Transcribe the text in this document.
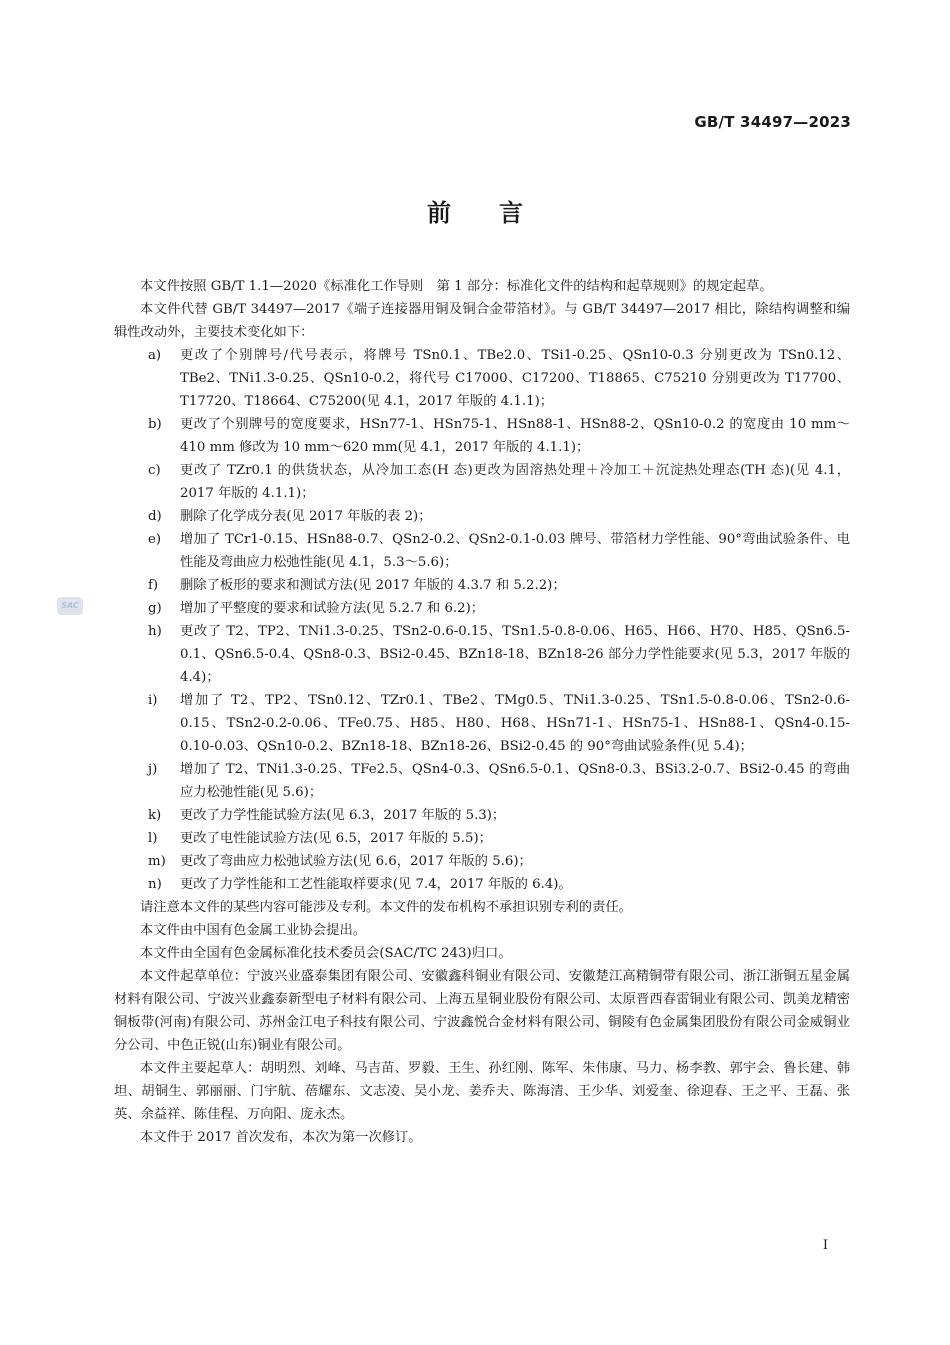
GB/T 34497—2023
前 言
SAC

本文件按照 GB/T 1.1—2020《标准化工作导则　第 1 部分：标准化文件的结构和起草规则》的规定起草。

本文件代替 GB/T 34497—2017《端子连接器用铜及铜合金带箔材》。与 GB/T 34497—2017 相比，除结构调整和编辑性改动外，主要技术变化如下：

a)	更改了个别牌号/代号表示，将牌号 TSn0.1、TBe2.0、TSi1-0.25、QSn10-0.3 分别更改为 TSn0.12、TBe2、TNi1.3-0.25、QSn10-0.2，将代号 C17000、C17200、T18865、C75210 分别更改为 T17700、T17720、T18664、C75200(见 4.1，2017 年版的 4.1.1)；
b)	更改了个别牌号的宽度要求，HSn77-1、HSn75-1、HSn88-1、HSn88-2、QSn10-0.2 的宽度由 10 mm～410 mm 修改为 10 mm～620 mm(见 4.1，2017 年版的 4.1.1)；
c)	更改了 TZr0.1 的供货状态，从冷加工态(H 态)更改为固溶热处理＋冷加工＋沉淀热处理态(TH 态)(见 4.1，2017 年版的 4.1.1)；
d)	删除了化学成分表(见 2017 年版的表 2)；
e)	增加了 TCr1-0.15、HSn88-0.7、QSn2-0.2、QSn2-0.1-0.03 牌号、带箔材力学性能、90°弯曲试验条件、电性能及弯曲应力松弛性能(见 4.1，5.3～5.6)；
f)	删除了板形的要求和测试方法(见 2017 年版的 4.3.7 和 5.2.2)；
g)	增加了平整度的要求和试验方法(见 5.2.7 和 6.2)；
h)	更改了 T2、TP2、TNi1.3-0.25、TSn2-0.6-0.15、TSn1.5-0.8-0.06、H65、H66、H70、H85、QSn6.5-0.1、QSn6.5-0.4、QSn8-0.3、BSi2-0.45、BZn18-18、BZn18-26 部分力学性能要求(见 5.3，2017 年版的 4.4)；
i)	增加了 T2、TP2、TSn0.12、TZr0.1、TBe2、TMg0.5、TNi1.3-0.25、TSn1.5-0.8-0.06、TSn2-0.6-0.15、TSn2-0.2-0.06、TFe0.75、H85、H80、H68、HSn71-1、HSn75-1、HSn88-1、QSn4-0.15-0.10-0.03、QSn10-0.2、BZn18-18、BZn18-26、BSi2-0.45 的 90°弯曲试验条件(见 5.4)；
j)	增加了 T2、TNi1.3-0.25、TFe2.5、QSn4-0.3、QSn6.5-0.1、QSn8-0.3、BSi3.2-0.7、BSi2-0.45 的弯曲应力松弛性能(见 5.6)；
k)	更改了力学性能试验方法(见 6.3，2017 年版的 5.3)；
l)	更改了电性能试验方法(见 6.5，2017 年版的 5.5)；
m)	更改了弯曲应力松弛试验方法(见 6.6，2017 年版的 5.6)；
n)	更改了力学性能和工艺性能取样要求(见 7.4，2017 年版的 6.4)。

请注意本文件的某些内容可能涉及专利。本文件的发布机构不承担识别专利的责任。

本文件由中国有色金属工业协会提出。

本文件由全国有色金属标准化技术委员会(SAC/TC 243)归口。

本文件起草单位：宁波兴业盛泰集团有限公司、安徽鑫科铜业有限公司、安徽楚江高精铜带有限公司、浙江浙铜五星金属材料有限公司、宁波兴业鑫泰新型电子材料有限公司、上海五星铜业股份有限公司、太原晋西春雷铜业有限公司、凯美龙精密铜板带(河南)有限公司、苏州金江电子科技有限公司、宁波鑫悦合金材料有限公司、铜陵有色金属集团股份有限公司金威铜业分公司、中色正锐(山东)铜业有限公司。

本文件主要起草人：胡明烈、刘峰、马吉苗、罗毅、王生、孙红刚、陈军、朱伟康、马力、杨李教、郭宇会、鲁长建、韩坦、胡铜生、郭丽丽、门宇航、蓓耀东、文志凌、吴小龙、姜乔夫、陈海清、王少华、刘爱奎、徐迎春、王之平、王磊、张英、余益祥、陈佳程、万向阳、庞永杰。

本文件于 2017 首次发布，本次为第一次修订。

I
